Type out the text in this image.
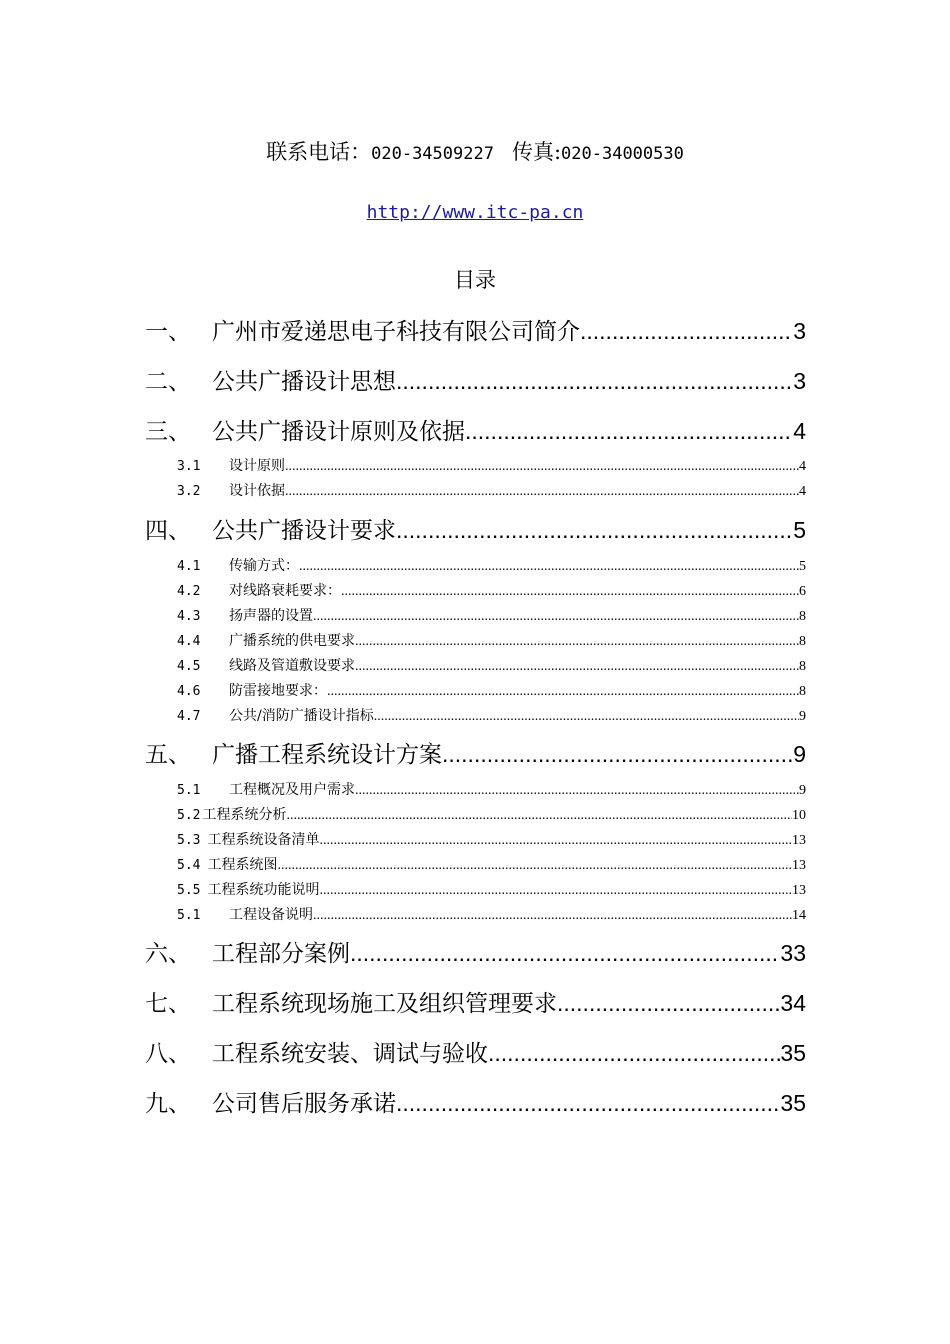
联系电话：020-34509227 传真:020-34000530
http://www.itc-pa.cn
目录
一、 广州市爱递思电子科技有限公司简介 .....	3
二、 公共广播设计思想 .....	3
三、 公共广播设计原则及依据 .....	4
3.1	设计原则 .....	4
3.2	设计依据 .....	4
四、 公共广播设计要求 .....	5
4.1	传输方式： .....	5
4.2	对线路衰耗要求： .....	6
4.3	扬声器的设置 .....	8
4.4	广播系统的供电要求 .....	8
4.5	线路及管道敷设要求 .....	8
4.6	防雷接地要求： .....	8
4.7	公共/消防广播设计指标 .....	9
五、 广播工程系统设计方案 .....	9
5.1	工程概况及用户需求 .....	9
5.2 工程系统分析 .....	10
5.3 工程系统设备清单 .....	13
5.4 工程系统图 .....	13
5.5 工程系统功能说明 .....	13
5.1	工程设备说明 .....	14
六、 工程部分案例 .....	33
七、 工程系统现场施工及组织管理要求 .....	34
八、 工程系统安装、调试与验收 .....	35
九、 公司售后服务承诺 .....	35
